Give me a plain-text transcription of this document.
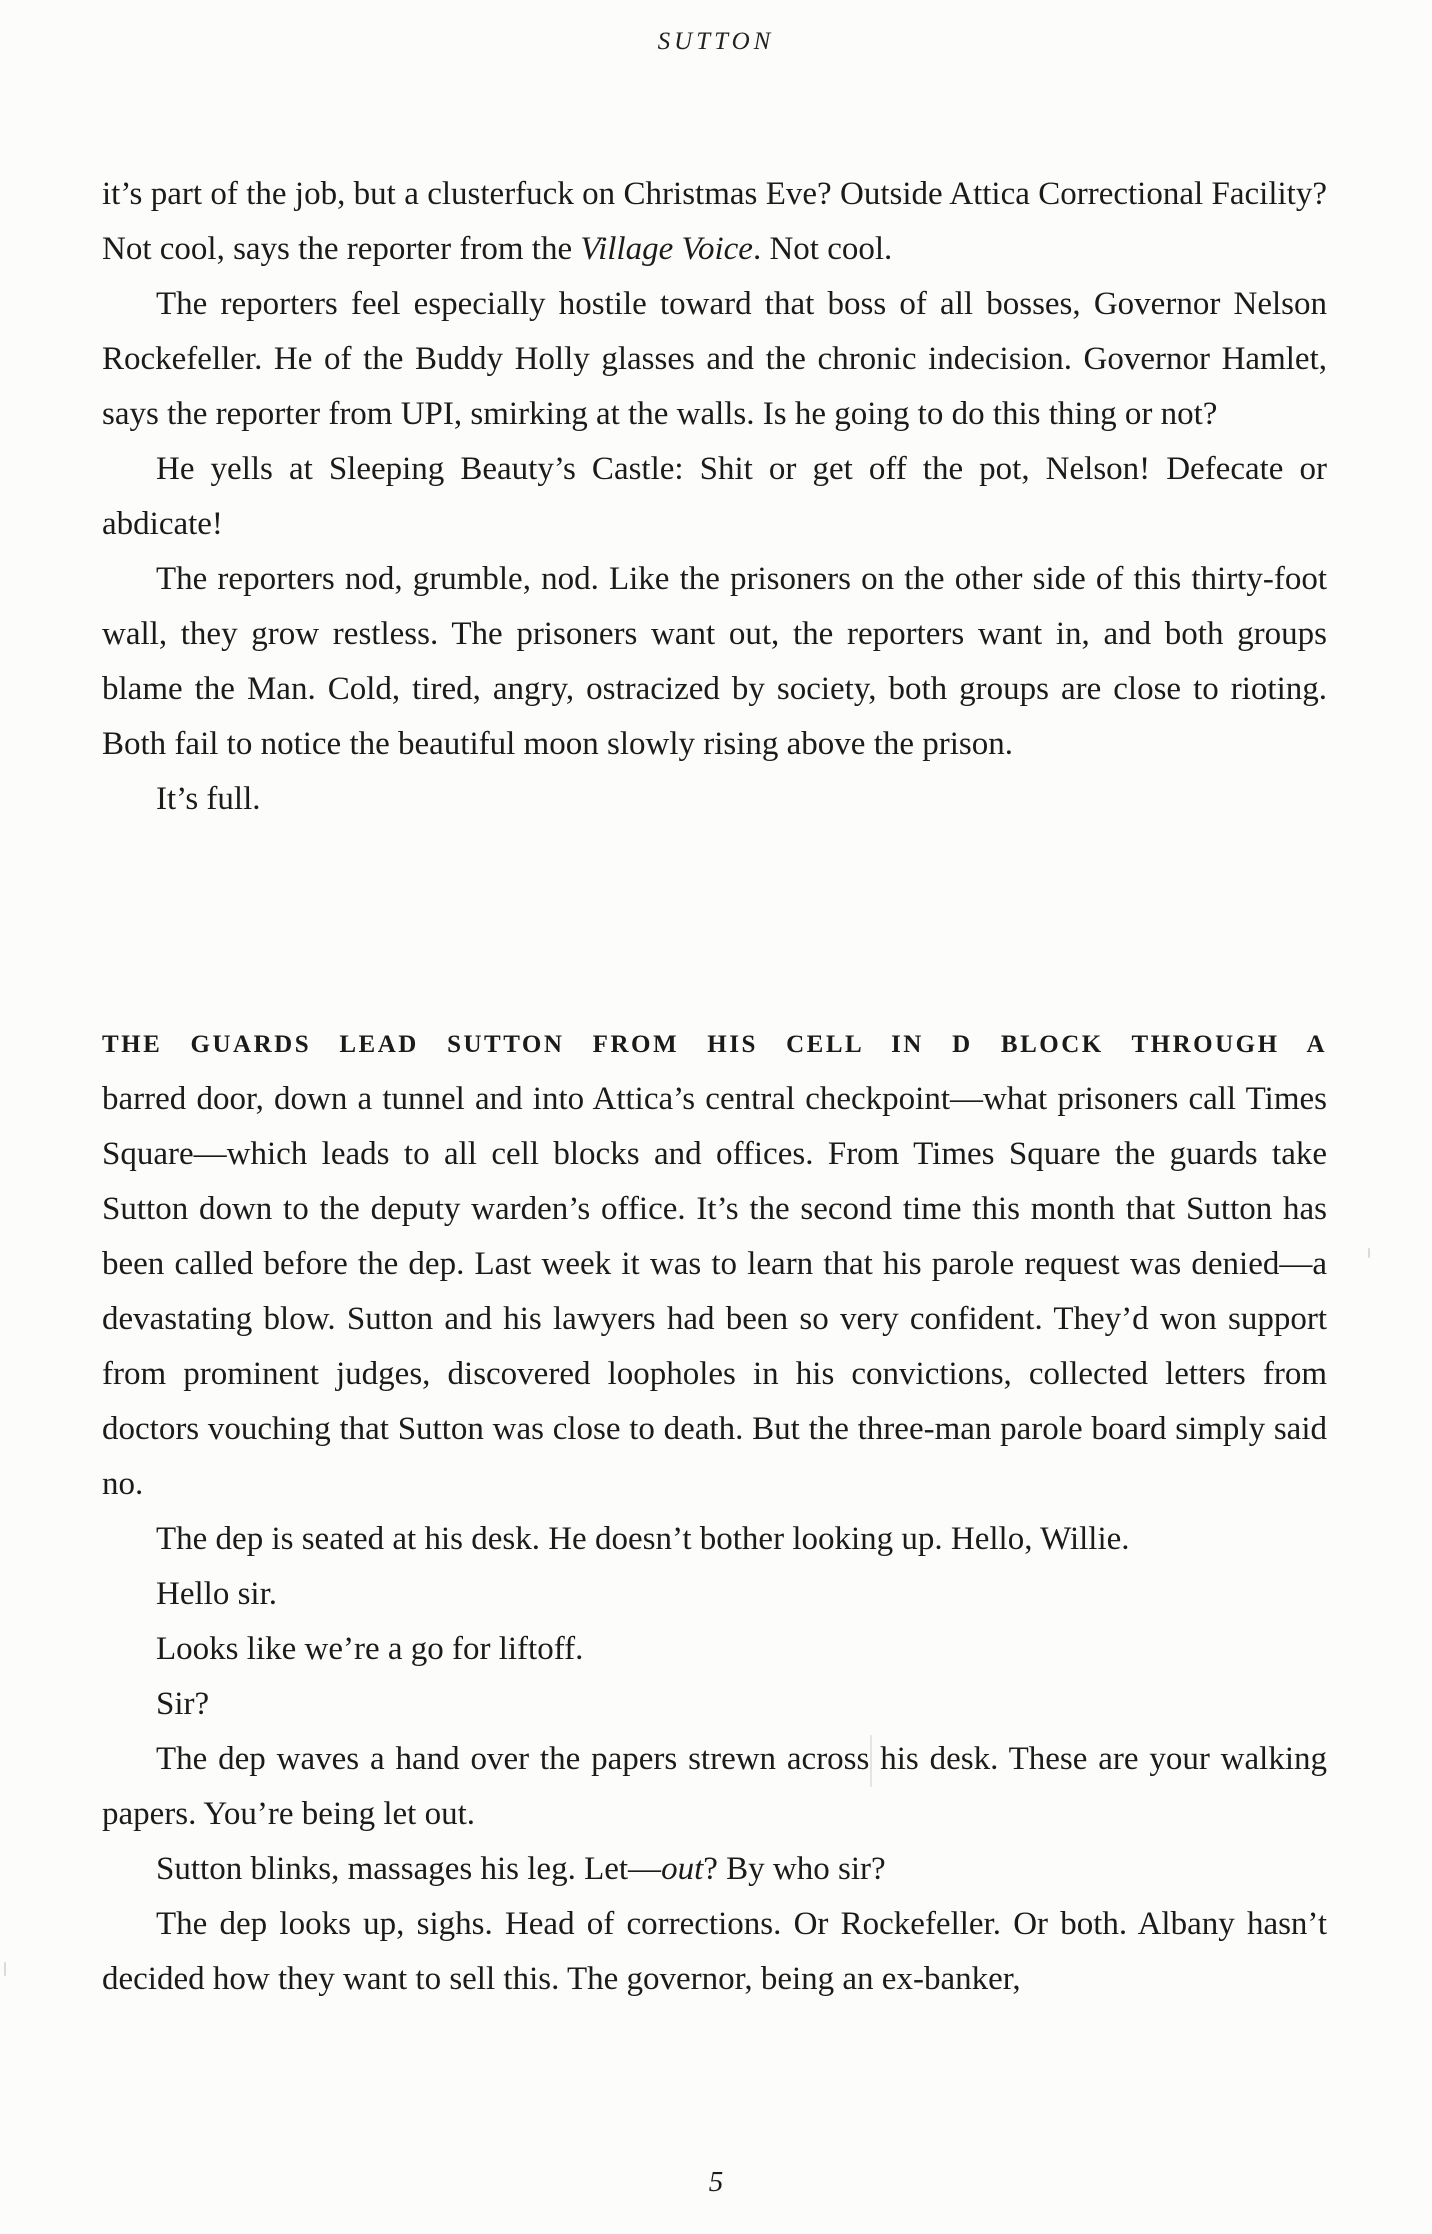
SUTTON

it’s part of the job, but a clusterfuck on Christmas Eve? Outside Attica Correctional Facility? Not cool, says the reporter from the Village Voice. Not cool.

The reporters feel especially hostile toward that boss of all bosses, Governor Nelson Rockefeller. He of the Buddy Holly glasses and the chronic indecision. Governor Hamlet, says the reporter from UPI, smirking at the walls. Is he going to do this thing or not?

He yells at Sleeping Beauty’s Castle: Shit or get off the pot, Nelson! Defecate or abdicate!

The reporters nod, grumble, nod. Like the prisoners on the other side of this thirty-foot wall, they grow restless. The prisoners want out, the reporters want in, and both groups blame the Man. Cold, tired, angry, ostracized by society, both groups are close to rioting. Both fail to notice the beautiful moon slowly rising above the prison.

It’s full.

THE GUARDS LEAD SUTTON FROM HIS CELL IN D BLOCK THROUGH A

barred door, down a tunnel and into Attica’s central checkpoint—what prisoners call Times Square—which leads to all cell blocks and offices. From Times Square the guards take Sutton down to the deputy warden’s office. It’s the second time this month that Sutton has been called before the dep. Last week it was to learn that his parole request was denied—a devastating blow. Sutton and his lawyers had been so very confident. They’d won support from prominent judges, discovered loopholes in his convictions, collected letters from doctors vouching that Sutton was close to death. But the three-man parole board simply said no.

The dep is seated at his desk. He doesn’t bother looking up. Hello, Willie.

Hello sir.

Looks like we’re a go for liftoff.

Sir?

The dep waves a hand over the papers strewn across his desk. These are your walking papers. You’re being let out.

Sutton blinks, massages his leg. Let—out? By who sir?

The dep looks up, sighs. Head of corrections. Or Rockefeller. Or both. Albany hasn’t decided how they want to sell this. The governor, being an ex-banker,

5
